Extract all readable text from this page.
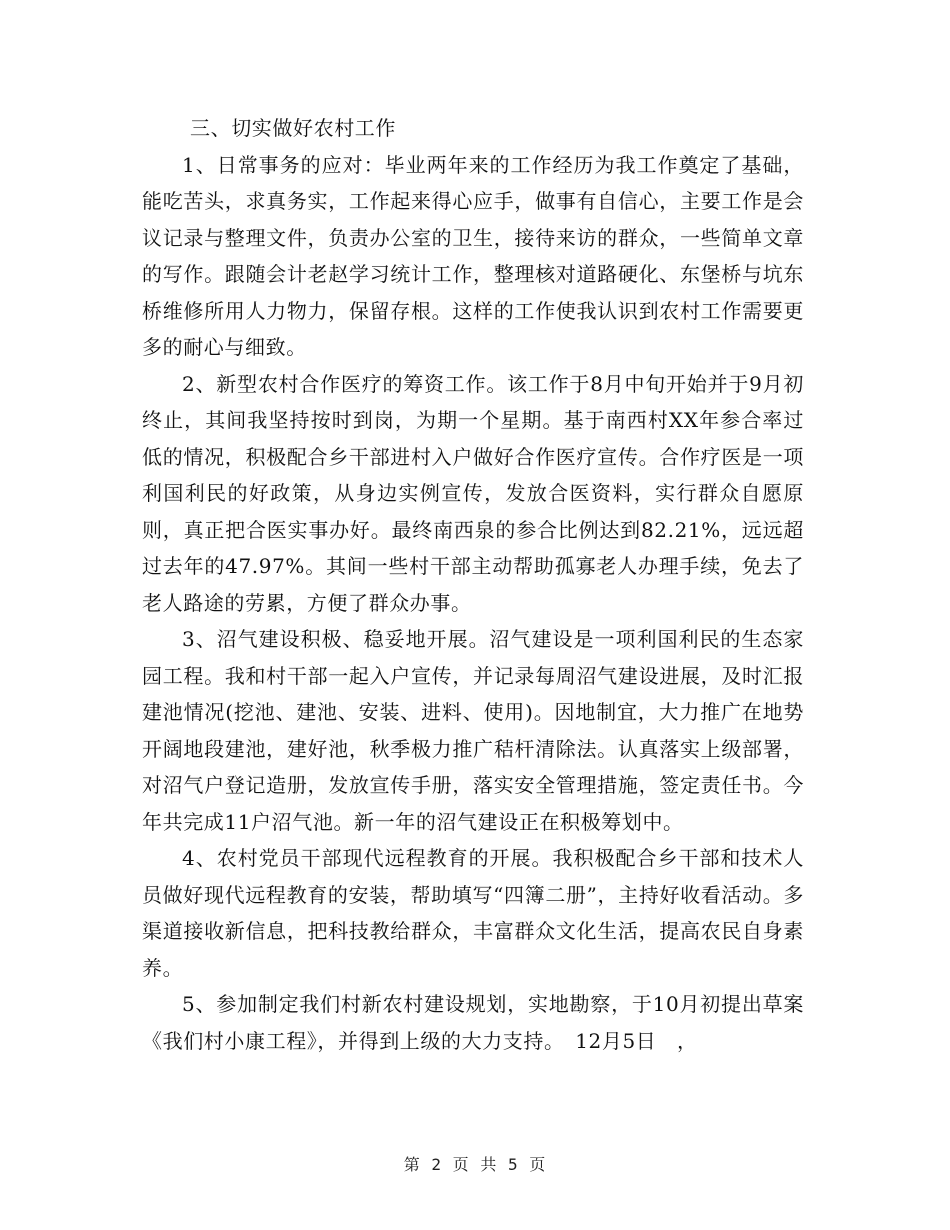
三、切实做好农村工作

1、日常事务的应对：毕业两年来的工作经历为我工作奠定了基础，能吃苦头，求真务实，工作起来得心应手，做事有自信心，主要工作是会议记录与整理文件，负责办公室的卫生，接待来访的群众，一些简单文章的写作。跟随会计老赵学习统计工作，整理核对道路硬化、东堡桥与坑东桥维修所用人力物力，保留存根。这样的工作使我认识到农村工作需要更多的耐心与细致。

2、新型农村合作医疗的筹资工作。该工作于8月中旬开始并于9月初终止，其间我坚持按时到岗，为期一个星期。基于南西村XX年参合率过低的情况，积极配合乡干部进村入户做好合作医疗宣传。合作疗医是一项利国利民的好政策，从身边实例宣传，发放合医资料，实行群众自愿原则，真正把合医实事办好。最终南西泉的参合比例达到82.21%，远远超过去年的47.97%。其间一些村干部主动帮助孤寡老人办理手续，免去了老人路途的劳累，方便了群众办事。

3、沼气建设积极、稳妥地开展。沼气建设是一项利国利民的生态家园工程。我和村干部一起入户宣传，并记录每周沼气建设进展，及时汇报建池情况(挖池、建池、安装、进料、使用)。因地制宜，大力推广在地势开阔地段建池，建好池，秋季极力推广秸杆清除法。认真落实上级部署，对沼气户登记造册，发放宣传手册，落实安全管理措施，签定责任书。今年共完成11户沼气池。新一年的沼气建设正在积极筹划中。

4、农村党员干部现代远程教育的开展。我积极配合乡干部和技术人员做好现代远程教育的安装，帮助填写“四簿二册”，主持好收看活动。多渠道接收新信息，把科技教给群众，丰富群众文化生活，提高农民自身素养。

5、参加制定我们村新农村建设规划，实地勘察，于10月初提出草案《我们村小康工程》，并得到上级的大力支持。　12月5日　，

第 2 页 共 5 页
